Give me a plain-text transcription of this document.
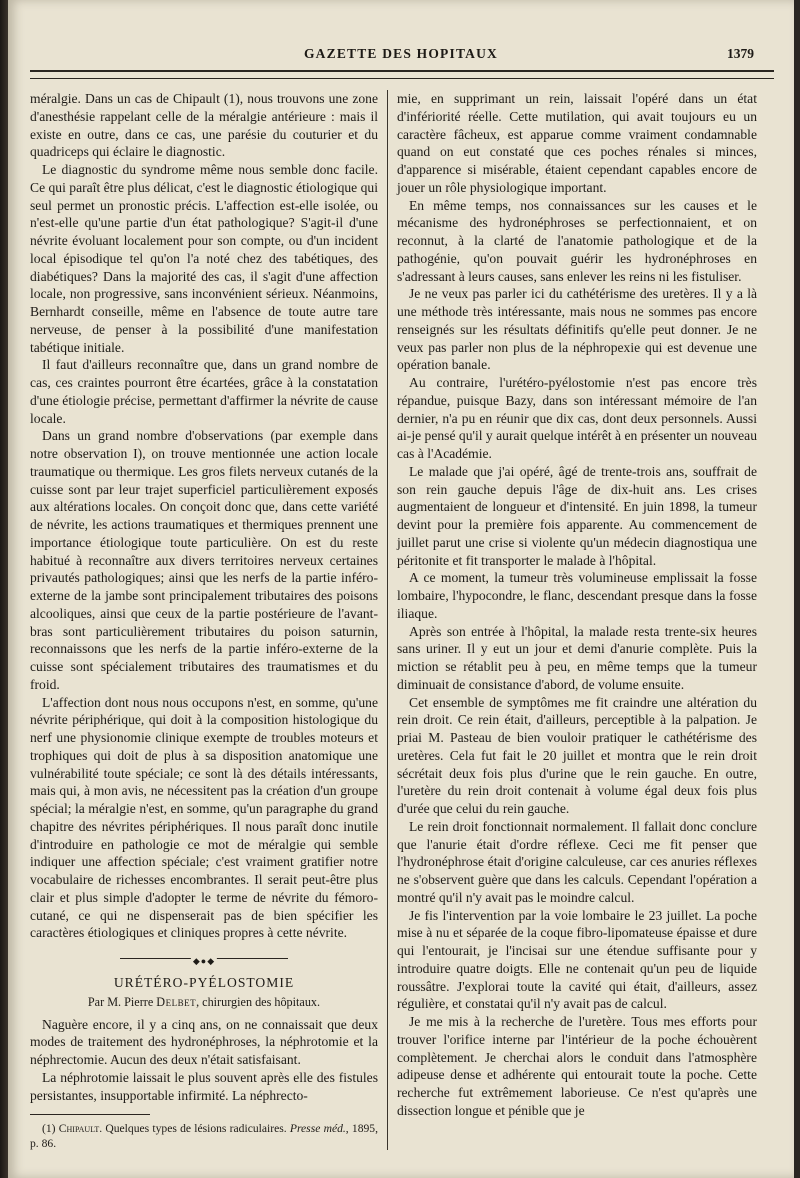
GAZETTE DES HOPITAUX	1379

méralgie. Dans un cas de Chipault (1), nous trouvons une zone d'anesthésie rappelant celle de la méralgie antérieure : mais il existe en outre, dans ce cas, une parésie du couturier et du quadriceps qui éclaire le diagnostic.

Le diagnostic du syndrome même nous semble donc facile. Ce qui paraît être plus délicat, c'est le diagnostic étiologique qui seul permet un pronostic précis. L'affection est-elle isolée, ou n'est-elle qu'une partie d'un état pathologique? S'agit-il d'une névrite évoluant localement pour son compte, ou d'un incident local épisodique tel qu'on l'a noté chez des tabétiques, des diabétiques? Dans la majorité des cas, il s'agit d'une affection locale, non progressive, sans inconvénient sérieux. Néanmoins, Bernhardt conseille, même en l'absence de toute autre tare nerveuse, de penser à la possibilité d'une manifestation tabétique initiale.

Il faut d'ailleurs reconnaître que, dans un grand nombre de cas, ces craintes pourront être écartées, grâce à la constatation d'une étiologie précise, permettant d'affirmer la névrite de cause locale.

Dans un grand nombre d'observations (par exemple dans notre observation I), on trouve mentionnée une action locale traumatique ou thermique. Les gros filets nerveux cutanés de la cuisse sont par leur trajet superficiel particulièrement exposés aux altérations locales. On conçoit donc que, dans cette variété de névrite, les actions traumatiques et thermiques prennent une importance étiologique toute particulière. On est du reste habitué à reconnaître aux divers territoires nerveux certaines privautés pathologiques; ainsi que les nerfs de la partie inféro-externe de la jambe sont principalement tributaires des poisons alcooliques, ainsi que ceux de la partie postérieure de l'avant-bras sont particulièrement tributaires du poison saturnin, reconnaissons que les nerfs de la partie inféro-externe de la cuisse sont spécialement tributaires des traumatismes et du froid.

L'affection dont nous nous occupons n'est, en somme, qu'une névrite périphérique, qui doit à la composition histologique du nerf une physionomie clinique exempte de troubles moteurs et trophiques qui doit de plus à sa disposition anatomique une vulnérabilité toute spéciale; ce sont là des détails intéressants, mais qui, à mon avis, ne nécessitent pas la création d'un groupe spécial; la méralgie n'est, en somme, qu'un paragraphe du grand chapitre des névrites périphériques. Il nous paraît donc inutile d'introduire en pathologie ce mot de méralgie qui semble indiquer une affection spéciale; c'est vraiment gratifier notre vocabulaire de richesses encombrantes. Il serait peut-être plus clair et plus simple d'adopter le terme de névrite du fémoro-cutané, ce qui ne dispenserait pas de bien spécifier les caractères étiologiques et cliniques propres à cette névrite.

◆●◆
URÉTÉRO-PYÉLOSTOMIE
Par M. Pierre Delbet, chirurgien des hôpitaux.

Naguère encore, il y a cinq ans, on ne connaissait que deux modes de traitement des hydronéphroses, la néphrotomie et la néphrectomie. Aucun des deux n'était satisfaisant.

La néphrotomie laissait le plus souvent après elle des fistules persistantes, insupportable infirmité. La néphrecto-

(1) Chipault. Quelques types de lésions radiculaires. Presse méd., 1895, p. 86.

mie, en supprimant un rein, laissait l'opéré dans un état d'infériorité réelle. Cette mutilation, qui avait toujours eu un caractère fâcheux, est apparue comme vraiment condamnable quand on eut constaté que ces poches rénales si minces, d'apparence si misérable, étaient cependant capables encore de jouer un rôle physiologique important.

En même temps, nos connaissances sur les causes et le mécanisme des hydronéphroses se perfectionnaient, et on reconnut, à la clarté de l'anatomie pathologique et de la pathogénie, qu'on pouvait guérir les hydronéphroses en s'adressant à leurs causes, sans enlever les reins ni les fistuliser.

Je ne veux pas parler ici du cathétérisme des uretères. Il y a là une méthode très intéressante, mais nous ne sommes pas encore renseignés sur les résultats définitifs qu'elle peut donner. Je ne veux pas parler non plus de la néphropexie qui est devenue une opération banale.

Au contraire, l'urétéro-pyélostomie n'est pas encore très répandue, puisque Bazy, dans son intéressant mémoire de l'an dernier, n'a pu en réunir que dix cas, dont deux personnels. Aussi ai-je pensé qu'il y aurait quelque intérêt à en présenter un nouveau cas à l'Académie.

Le malade que j'ai opéré, âgé de trente-trois ans, souffrait de son rein gauche depuis l'âge de dix-huit ans. Les crises augmentaient de longueur et d'intensité. En juin 1898, la tumeur devint pour la première fois apparente. Au commencement de juillet parut une crise si violente qu'un médecin diagnostiqua une péritonite et fit transporter le malade à l'hôpital.

A ce moment, la tumeur très volumineuse emplissait la fosse lombaire, l'hypocondre, le flanc, descendant presque dans la fosse iliaque.

Après son entrée à l'hôpital, la malade resta trente-six heures sans uriner. Il y eut un jour et demi d'anurie complète. Puis la miction se rétablit peu à peu, en même temps que la tumeur diminuait de consistance d'abord, de volume ensuite.

Cet ensemble de symptômes me fit craindre une altération du rein droit. Ce rein était, d'ailleurs, perceptible à la palpation. Je priai M. Pasteau de bien vouloir pratiquer le cathétérisme des uretères. Cela fut fait le 20 juillet et montra que le rein droit sécrétait deux fois plus d'urine que le rein gauche. En outre, l'uretère du rein droit contenait à volume égal deux fois plus d'urée que celui du rein gauche.

Le rein droit fonctionnait normalement. Il fallait donc conclure que l'anurie était d'ordre réflexe. Ceci me fit penser que l'hydronéphrose était d'origine calculeuse, car ces anuries réflexes ne s'observent guère que dans les calculs. Cependant l'opération a montré qu'il n'y avait pas le moindre calcul.

Je fis l'intervention par la voie lombaire le 23 juillet. La poche mise à nu et séparée de la coque fibro-lipomateuse épaisse et dure qui l'entourait, je l'incisai sur une étendue suffisante pour y introduire quatre doigts. Elle ne contenait qu'un peu de liquide roussâtre. J'explorai toute la cavité qui était, d'ailleurs, assez régulière, et constatai qu'il n'y avait pas de calcul.

Je me mis à la recherche de l'uretère. Tous mes efforts pour trouver l'orifice interne par l'intérieur de la poche échouèrent complètement. Je cherchai alors le conduit dans l'atmosphère adipeuse dense et adhérente qui entourait toute la poche. Cette recherche fut extrêmement laborieuse. Ce n'est qu'après une dissection longue et pénible que je
